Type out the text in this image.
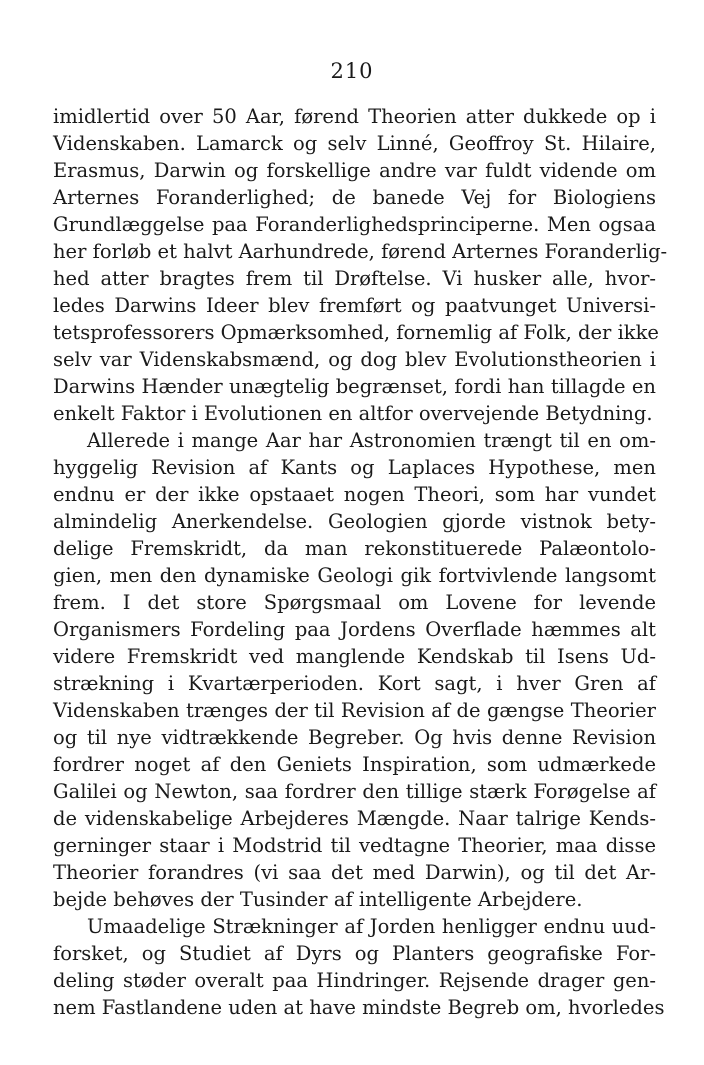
210
imidlertid over 50 Aar, førend Theorien atter dukkede op i
Videnskaben. Lamarck og selv Linné, Geoffroy St. Hilaire,
Erasmus, Darwin og forskellige andre var fuldt vidende om
Arternes Foranderlighed; de banede Vej for Biologiens
Grundlæggelse paa Foranderlighedsprinciperne. Men ogsaa
her forløb et halvt Aarhundrede, førend Arternes Foranderlig-
hed atter bragtes frem til Drøftelse. Vi husker alle, hvor-
ledes Darwins Ideer blev fremført og paatvunget Universi-
tetsprofessorers Opmærksomhed, fornemlig af Folk, der ikke
selv var Videnskabsmænd, og dog blev Evolutionstheorien i
Darwins Hænder unægtelig begrænset, fordi han tillagde en
enkelt Faktor i Evolutionen en altfor overvejende Betydning.
Allerede i mange Aar har Astronomien trængt til en om-
hyggelig Revision af Kants og Laplaces Hypothese, men
endnu er der ikke opstaaet nogen Theori, som har vundet
almindelig Anerkendelse. Geologien gjorde vistnok bety-
delige Fremskridt, da man rekonstituerede Palæontolo-
gien, men den dynamiske Geologi gik fortvivlende langsomt
frem. I det store Spørgsmaal om Lovene for levende
Organismers Fordeling paa Jordens Overflade hæmmes alt
videre Fremskridt ved manglende Kendskab til Isens Ud-
strækning i Kvartærperioden. Kort sagt, i hver Gren af
Videnskaben trænges der til Revision af de gængse Theorier
og til nye vidtrækkende Begreber. Og hvis denne Revision
fordrer noget af den Geniets Inspiration, som udmærkede
Galilei og Newton, saa fordrer den tillige stærk Forøgelse af
de videnskabelige Arbejderes Mængde. Naar talrige Kends-
gerninger staar i Modstrid til vedtagne Theorier, maa disse
Theorier forandres (vi saa det med Darwin), og til det Ar-
bejde behøves der Tusinder af intelligente Arbejdere.
Umaadelige Strækninger af Jorden henligger endnu uud-
forsket, og Studiet af Dyrs og Planters geografiske For-
deling støder overalt paa Hindringer. Rejsende drager gen-
nem Fastlandene uden at have mindste Begreb om, hvorledes
